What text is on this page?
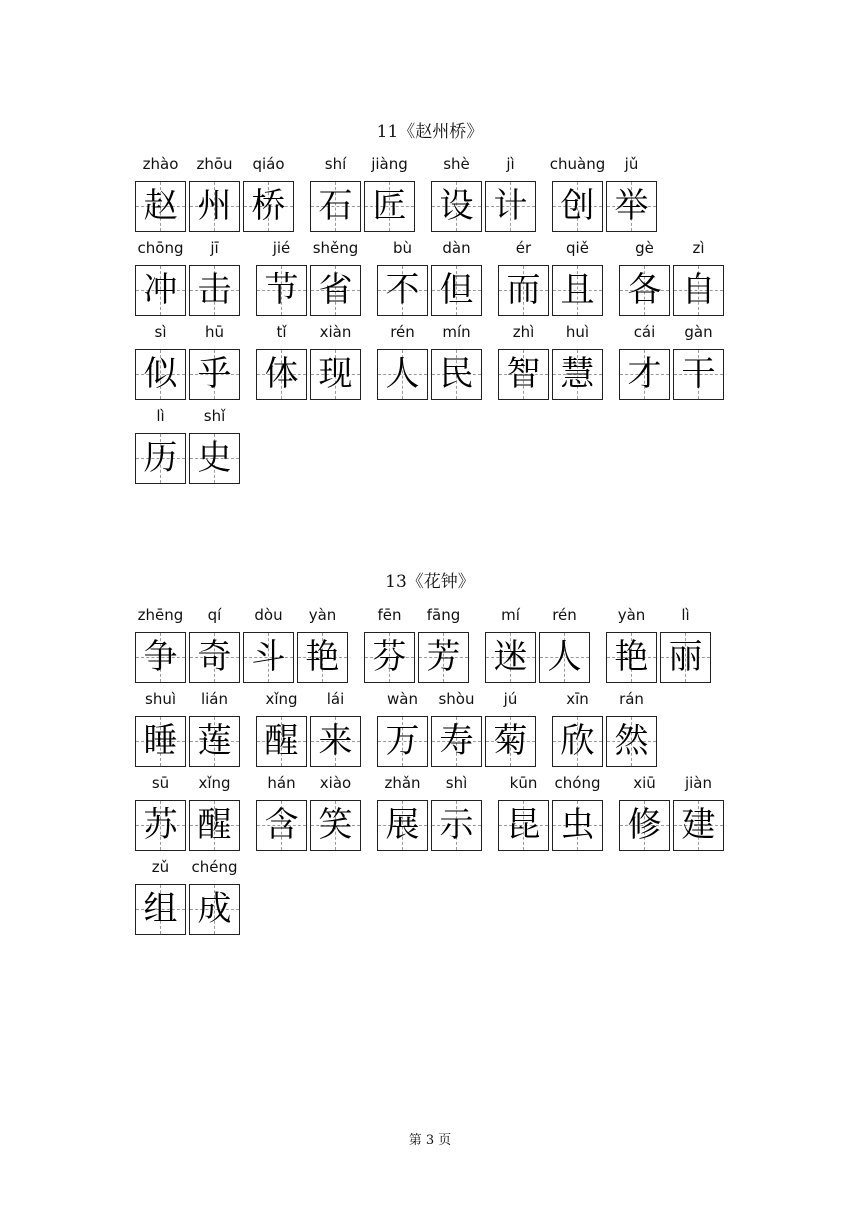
11《赵州桥》
zhào
赵
zhōu
州
qiáo
桥
shí
石
jiàng
匠
shè
设
jì
计
chuàng
创
jǔ
举
chōng
冲
jī
击
jié
节
shěng
省
bù
不
dàn
但
ér
而
qiě
且
gè
各
zì
自
sì
似
hū
乎
tǐ
体
xiàn
现
rén
人
mín
民
zhì
智
huì
慧
cái
才
gàn
干
lì
历
shǐ
史
13《花钟》
zhēng
争
qí
奇
dòu
斗
yàn
艳
fēn
芬
fāng
芳
mí
迷
rén
人
yàn
艳
lì
丽
shuì
睡
lián
莲
xǐng
醒
lái
来
wàn
万
shòu
寿
jú
菊
xīn
欣
rán
然
sū
苏
xǐng
醒
hán
含
xiào
笑
zhǎn
展
shì
示
kūn
昆
chóng
虫
xiū
修
jiàn
建
zǔ
组
chéng
成
第 3 页
